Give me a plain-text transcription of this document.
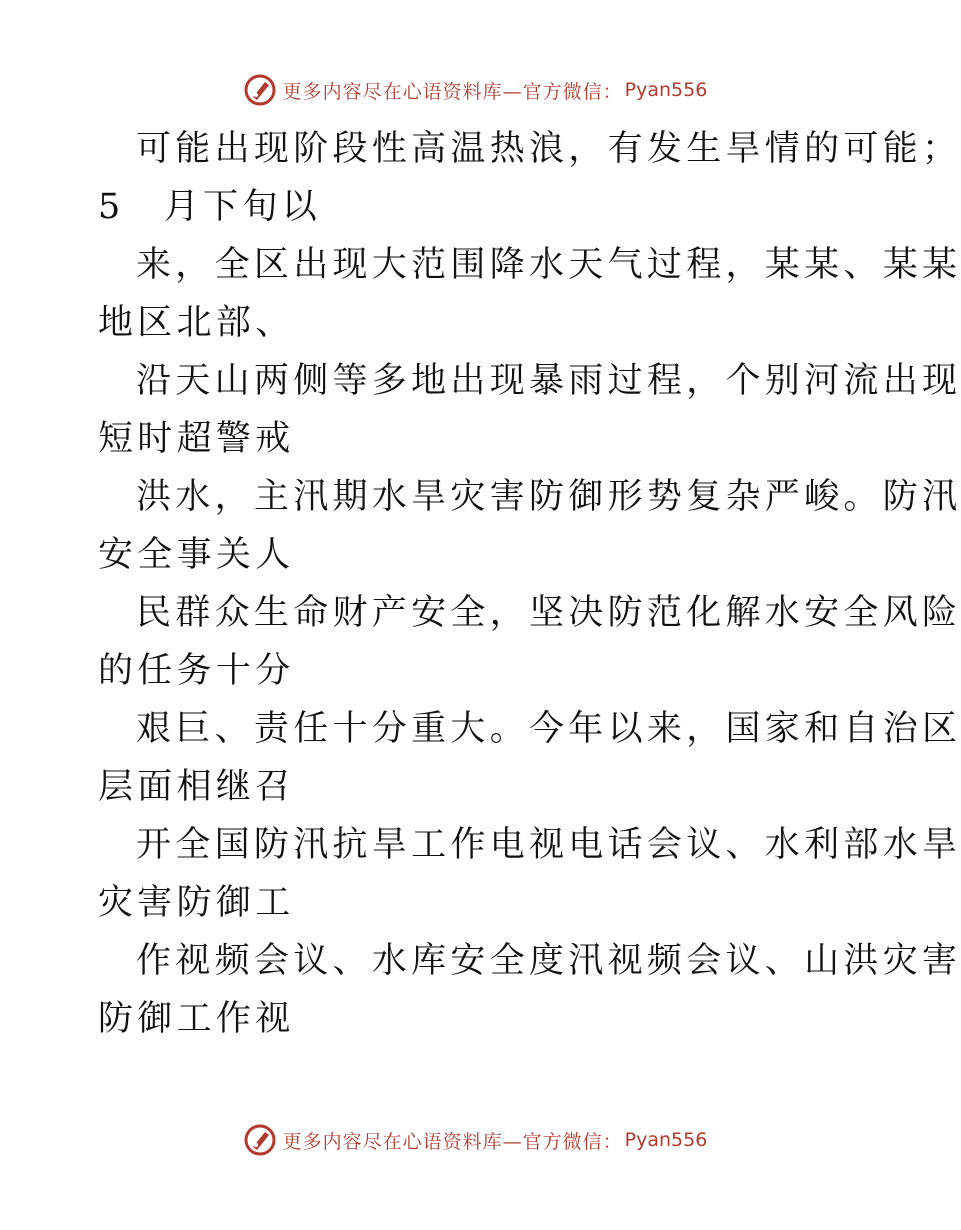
更多内容尽在心语资料库—官方微信： Pyan556
可能出现阶段性高温热浪，有发生旱情的可能；
5　月下旬以
来，全区出现大范围降水天气过程，某某、某某
地区北部、
沿天山两侧等多地出现暴雨过程，个别河流出现
短时超警戒
洪水，主汛期水旱灾害防御形势复杂严峻。防汛
安全事关人
民群众生命财产安全，坚决防范化解水安全风险
的任务十分
艰巨、责任十分重大。今年以来，国家和自治区
层面相继召
开全国防汛抗旱工作电视电话会议、水利部水旱
灾害防御工
作视频会议、水库安全度汛视频会议、山洪灾害
防御工作视
更多内容尽在心语资料库—官方微信： Pyan556
